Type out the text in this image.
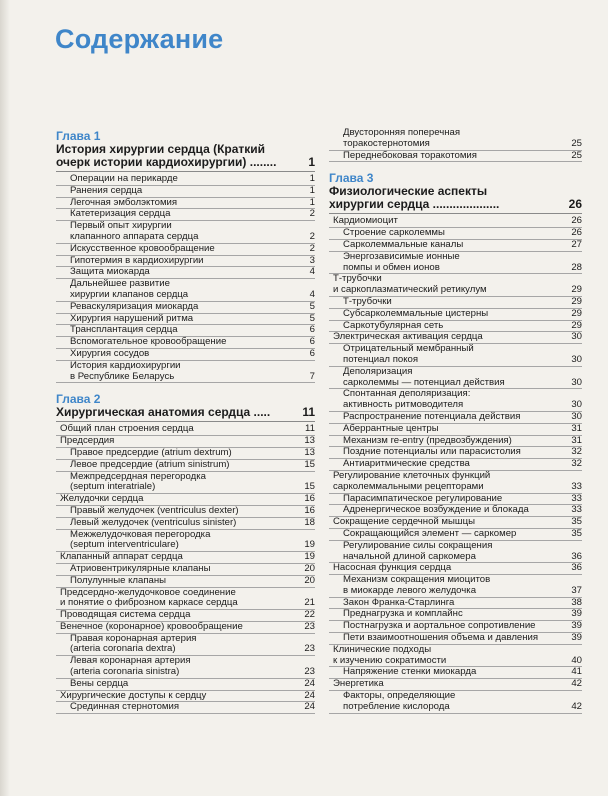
Содержание
Глава 1
История хирургии сердца (Краткий
очерк истории кардиохирургии) ........	1
Операции на перикарде	1
Ранения сердца	1
Легочная эмболэктомия	1
Катетеризация сердца	2
Первый опыт хирургии
клапанного аппарата сердца	2
Искусственное кровообращение	2
Гипотермия в кардиохирургии	3
Защита миокарда	4
Дальнейшее развитие
хирургии клапанов сердца	4
Реваскуляризация миокарда	5
Хирургия нарушений ритма	5
Трансплантация сердца	6
Вспомогательное кровообращение	6
Хирургия сосудов	6
История кардиохирургии
в Республике Беларусь	7
Глава 2
Хирургическая анатомия сердца .....	11
Общий план строения сердца	11
Предсердия	13
Правое предсердие (atrium dextrum)	13
Левое предсердие (atrium sinistrum)	15
Межпредсердная перегородка
(septum interatriale)	15
Желудочки сердца	16
Правый желудочек (ventriculus dexter)	16
Левый желудочек (ventriculus sinister)	18
Межжелудочковая перегородка
(septum interventriculare)	19
Клапанный аппарат сердца	19
Атриовентрикулярные клапаны	20
Полулунные клапаны	20
Предсердно-желудочковое соединение
и понятие о фиброзном каркасе сердца	21
Проводящая система сердца	22
Венечное (коронарное) кровообращение	23
Правая коронарная артерия
(arteria coronaria dextra)	23
Левая коронарная артерия
(arteria coronaria sinistra)	23
Вены сердца	24
Хирургические доступы к сердцу	24
Срединная стернотомия	24
Двусторонняя поперечная
торакостернотомия	25
Переднебоковая торакотомия	25
Глава 3
Физиологические аспекты
хирургии сердца ....................	26
Кардиомиоцит	26
Строение сарколеммы	26
Сарколеммальные каналы	27
Энергозависимые ионные
помпы и обмен ионов	28
Т-трубочки
и саркоплазматический ретикулум	29
Т-трубочки	29
Субсарколеммальные цистерны	29
Саркотубулярная сеть	29
Электрическая активация сердца	30
Отрицательный мембранный
потенциал покоя	30
Деполяризация
сарколеммы — потенциал действия	30
Спонтанная деполяризация:
активность ритмоводителя	30
Распространение потенциала действия	30
Аберрантные центры	31
Механизм re-entry (предвозбуждения)	31
Поздние потенциалы или парасистолия	32
Антиаритмические средства	32
Регулирование клеточных функций
сарколеммальными рецепторами	33
Парасимпатическое регулирование	33
Адренергическое возбуждение и блокада	33
Сокращение сердечной мышцы	35
Сокращающийся элемент — саркомер	35
Регулирование силы сокращения
начальной длиной саркомера	36
Насосная функция сердца	36
Механизм сокращения миоцитов
в миокарде левого желудочка	37
Закон Франка-Старлинга	38
Преднагрузка и комплайнс	39
Постнагрузка и аортальное сопротивление	39
Пети взаимоотношения объема и давления	39
Клинические подходы
к изучению сократимости	40
Напряжение стенки миокарда	41
Энергетика	42
Факторы, определяющие
потребление кислорода	42
